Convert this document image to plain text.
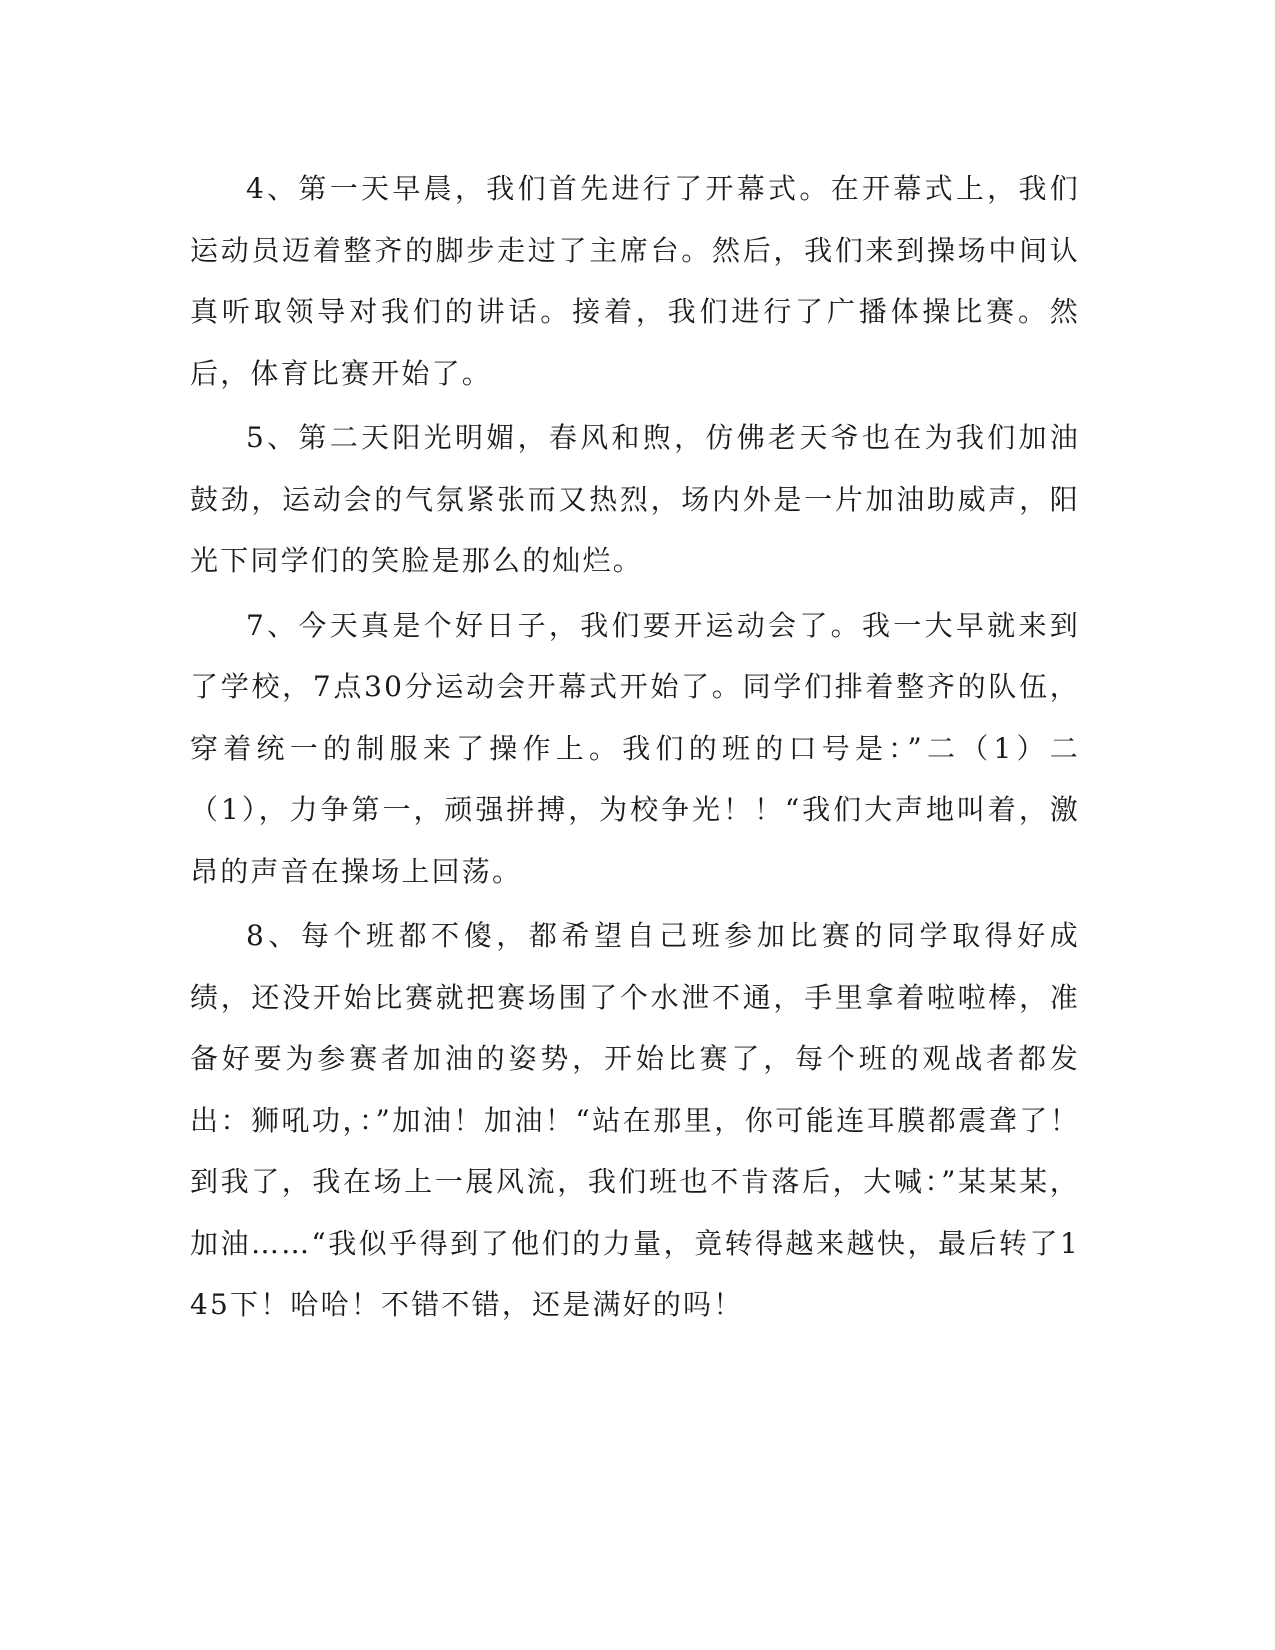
4、第一天早晨，我们首先进行了开幕式。在开幕式上，我们运动员迈着整齐的脚步走过了主席台。然后，我们来到操场中间认真听取领导对我们的讲话。接着，我们进行了广播体操比赛。然后，体育比赛开始了。

5、第二天阳光明媚，春风和煦，仿佛老天爷也在为我们加油鼓劲，运动会的气氛紧张而又热烈，场内外是一片加油助威声，阳光下同学们的笑脸是那么的灿烂。

7、今天真是个好日子，我们要开运动会了。我一大早就来到了学校，7点30分运动会开幕式开始了。同学们排着整齐的队伍，穿着统一的制服来了操作上。我们的班的口号是：”二（1）二（1），力争第一，顽强拼搏，为校争光！！“我们大声地叫着，激昂的声音在操场上回荡。

8、每个班都不傻，都希望自己班参加比赛的同学取得好成绩，还没开始比赛就把赛场围了个水泄不通，手里拿着啦啦棒，准备好要为参赛者加油的姿势，开始比赛了，每个班的观战者都发出：狮吼功，：”加油！加油！“站在那里，你可能连耳膜都震聋了！到我了，我在场上一展风流，我们班也不肯落后，大喊：”某某某，加油……“我似乎得到了他们的力量，竟转得越来越快，最后转了145下！哈哈！不错不错，还是满好的吗！
